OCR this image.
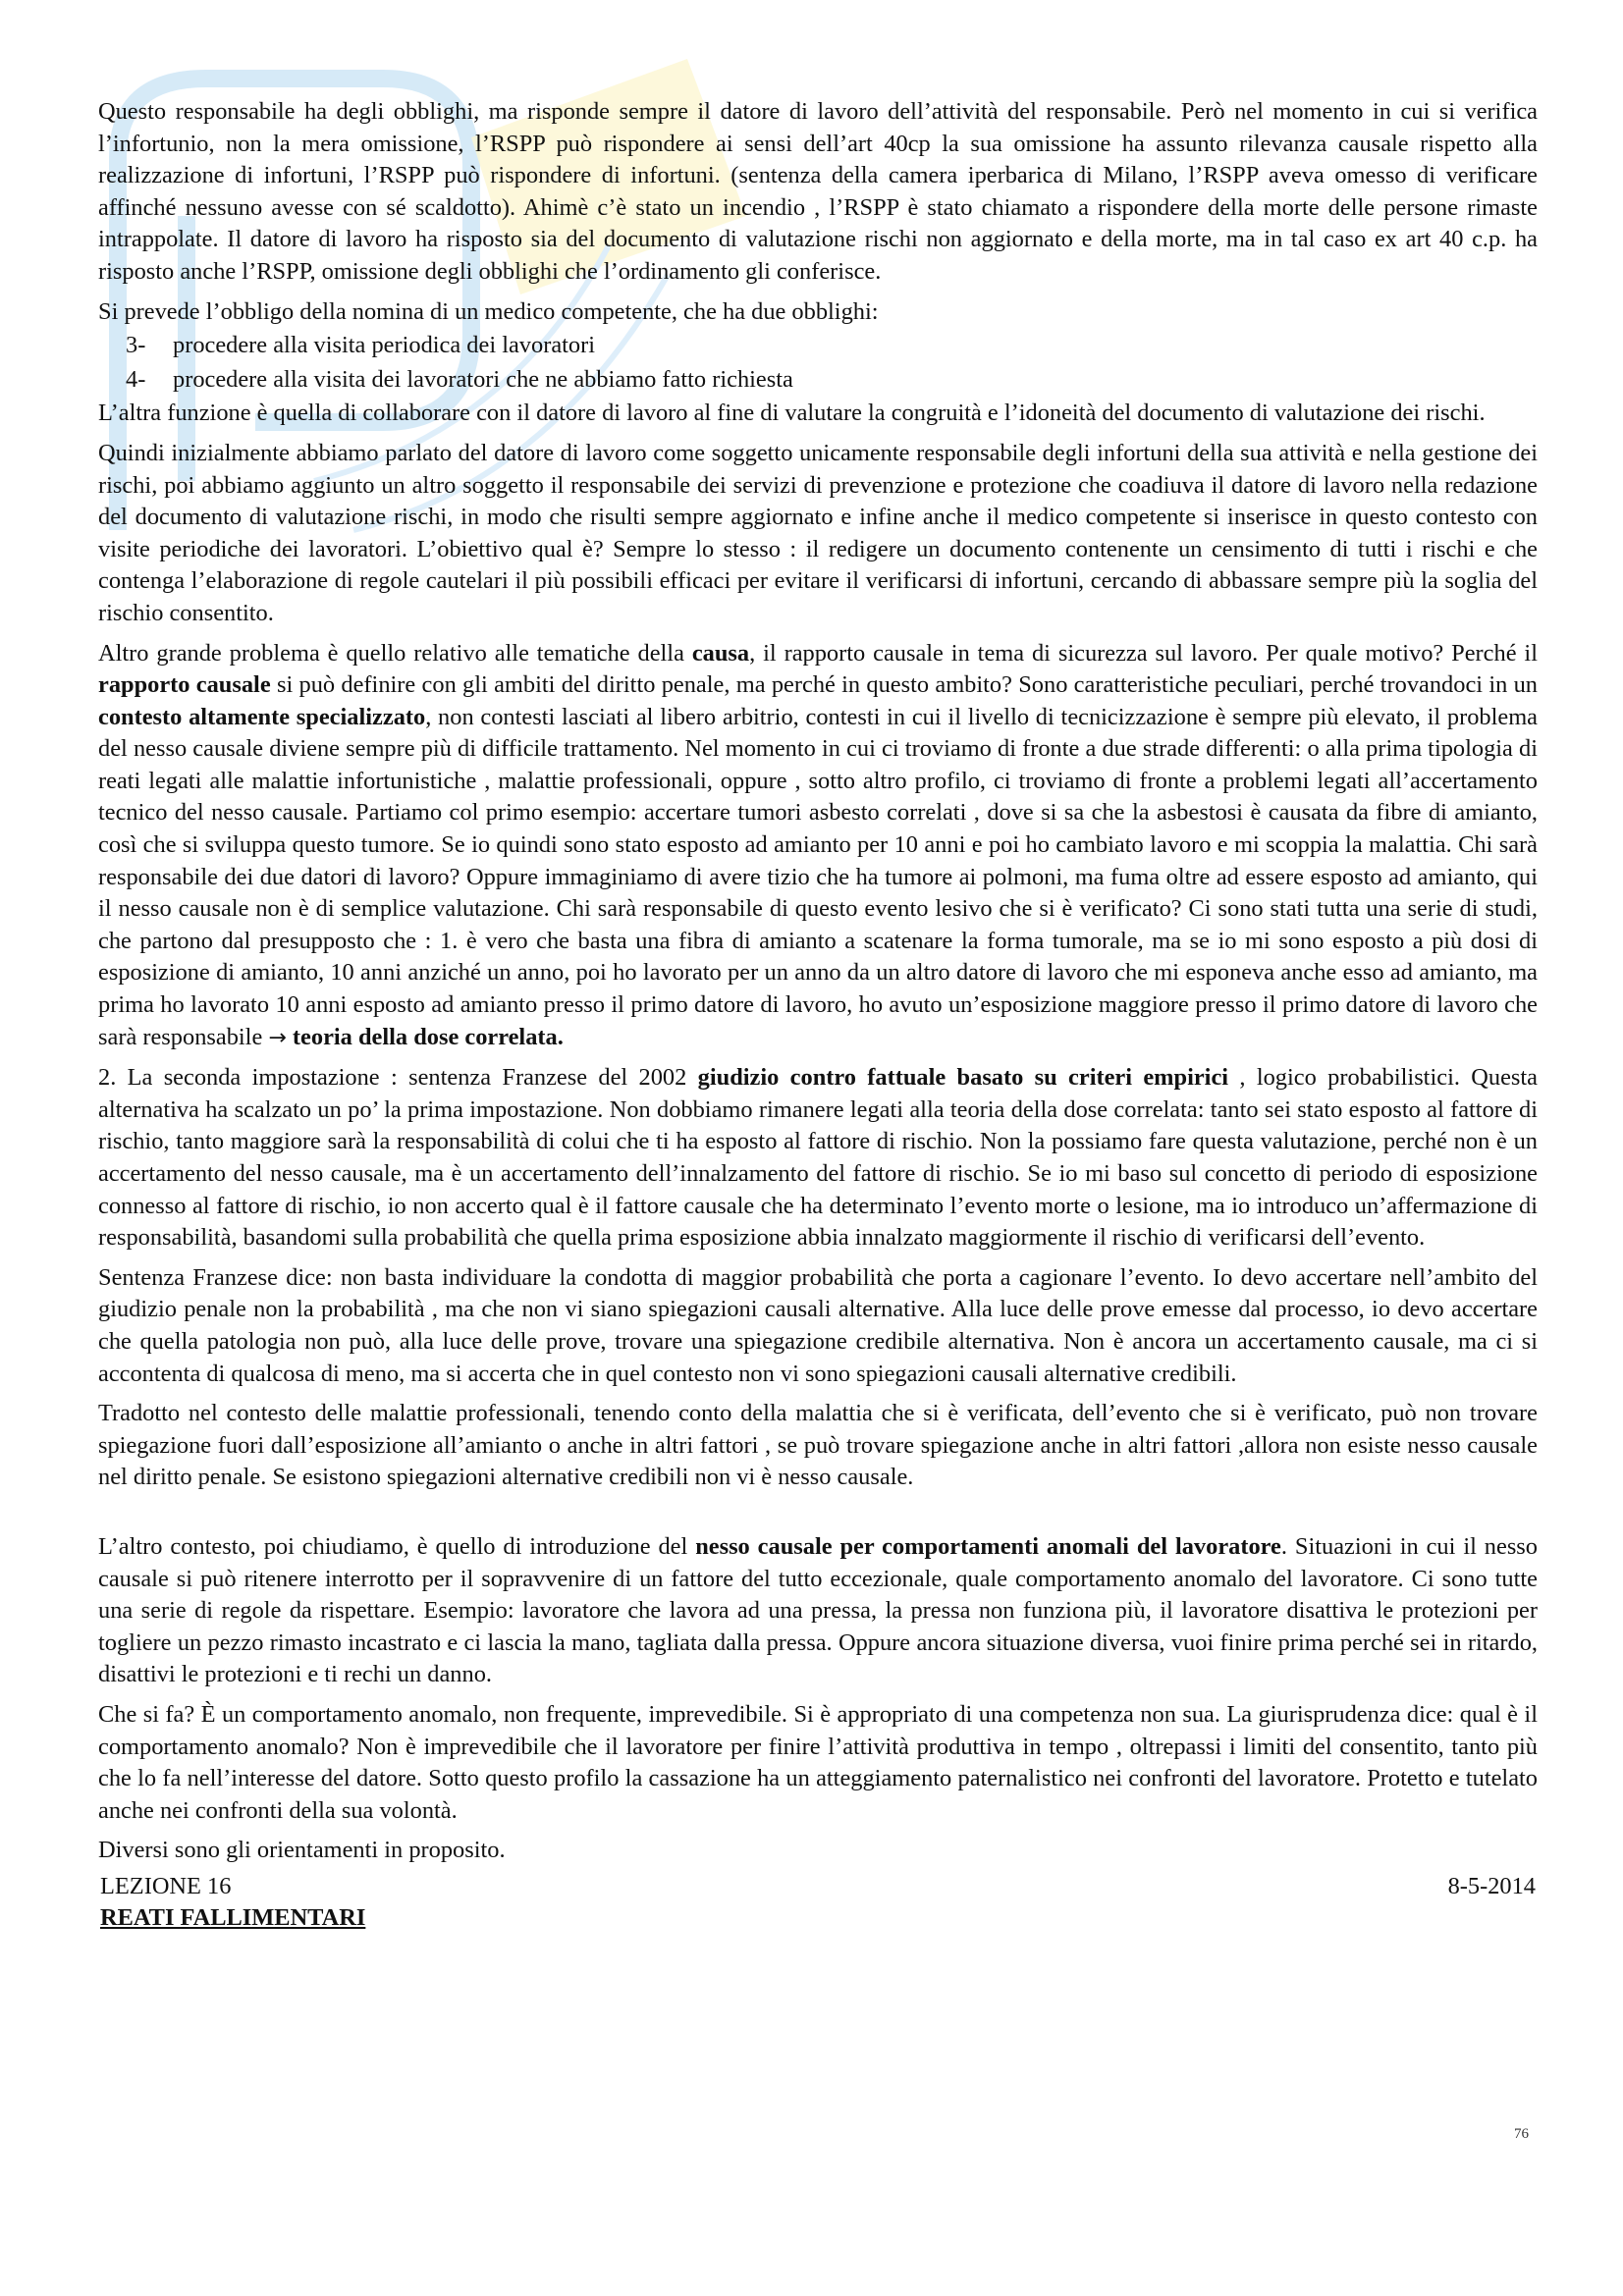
Questo responsabile ha degli obblighi, ma risponde sempre il datore di lavoro dell’attività del responsabile. Però nel momento in cui si verifica l’infortunio, non la mera omissione, l’RSPP può rispondere ai sensi dell’art 40cp la sua omissione ha assunto rilevanza causale rispetto alla realizzazione di infortuni, l’RSPP può rispondere di infortuni. (sentenza della camera iperbarica di Milano, l’RSPP aveva omesso di verificare affinché nessuno avesse con sé scaldotto). Ahimè c’è stato un incendio , l’RSPP è stato chiamato a rispondere della morte delle persone rimaste intrappolate. Il datore di lavoro ha risposto sia del documento di valutazione rischi non aggiornato e della morte, ma in tal caso ex art 40 c.p. ha risposto anche l’RSPP, omissione degli obblighi che l’ordinamento gli conferisce.

Si prevede l’obbligo della nomina di un medico competente, che ha due obblighi:

3-	procedere alla visita periodica dei lavoratori
4-	procedere alla visita dei lavoratori che ne abbiamo fatto richiesta

L’altra funzione è quella di collaborare con il datore di lavoro al fine di valutare la congruità e l’idoneità del documento di valutazione dei rischi.

Quindi inizialmente abbiamo parlato del datore di lavoro come soggetto unicamente responsabile degli infortuni della sua attività e nella gestione dei rischi, poi abbiamo aggiunto un altro soggetto il responsabile dei servizi di prevenzione e protezione che coadiuva il datore di lavoro nella redazione del documento di valutazione rischi, in modo che risulti sempre aggiornato e infine anche il medico competente si inserisce in questo contesto con visite periodiche dei lavoratori. L’obiettivo qual è? Sempre lo stesso : il redigere un documento contenente un censimento di tutti i rischi e che contenga l’elaborazione di regole cautelari il più possibili efficaci per evitare il verificarsi di infortuni, cercando di abbassare sempre più la soglia del rischio consentito.

Altro grande problema è quello relativo alle tematiche della causa, il rapporto causale in tema di sicurezza sul lavoro. Per quale motivo? Perché il rapporto causale si può definire con gli ambiti del diritto penale, ma perché in questo ambito? Sono caratteristiche peculiari, perché trovandoci in un contesto altamente specializzato, non contesti lasciati al libero arbitrio, contesti in cui il livello di tecnicizzazione è sempre più elevato, il problema del nesso causale diviene sempre più di difficile trattamento. Nel momento in cui ci troviamo di fronte a due strade differenti: o alla prima tipologia di reati legati alle malattie infortunistiche , malattie professionali, oppure , sotto altro profilo, ci troviamo di fronte a problemi legati all’accertamento tecnico del nesso causale. Partiamo col primo esempio: accertare tumori asbesto correlati , dove si sa che la asbestosi è causata da fibre di amianto, così che si sviluppa questo tumore. Se io quindi sono stato esposto ad amianto per 10 anni e poi ho cambiato lavoro e mi scoppia la malattia. Chi sarà responsabile dei due datori di lavoro? Oppure immaginiamo di avere tizio che ha tumore ai polmoni, ma fuma oltre ad essere esposto ad amianto, qui il nesso causale non è di semplice valutazione. Chi sarà responsabile di questo evento lesivo che si è verificato? Ci sono stati tutta una serie di studi, che partono dal presupposto che : 1. è vero che basta una fibra di amianto a scatenare la forma tumorale, ma se io mi sono esposto a più dosi di esposizione di amianto, 10 anni anziché un anno, poi ho lavorato per un anno da un altro datore di lavoro che mi esponeva anche esso ad amianto, ma prima ho lavorato 10 anni esposto ad amianto presso il primo datore di lavoro, ho avuto un’esposizione maggiore presso il primo datore di lavoro che sarà responsabile → teoria della dose correlata.

2. La seconda impostazione : sentenza Franzese del 2002 giudizio contro fattuale basato su criteri empirici , logico probabilistici. Questa alternativa ha scalzato un po’ la prima impostazione. Non dobbiamo rimanere legati alla teoria della dose correlata: tanto sei stato esposto al fattore di rischio, tanto maggiore sarà la responsabilità di colui che ti ha esposto al fattore di rischio. Non la possiamo fare questa valutazione, perché non è un accertamento del nesso causale, ma è un accertamento dell’innalzamento del fattore di rischio. Se io mi baso sul concetto di periodo di esposizione connesso al fattore di rischio, io non accerto qual è il fattore causale che ha determinato l’evento morte o lesione, ma io introduco un’affermazione di responsabilità, basandomi sulla probabilità che quella prima esposizione abbia innalzato maggiormente il rischio di verificarsi dell’evento.

Sentenza Franzese dice: non basta individuare la condotta di maggior probabilità che porta a cagionare l’evento. Io devo accertare nell’ambito del giudizio penale non la probabilità , ma che non vi siano spiegazioni causali alternative. Alla luce delle prove emesse dal processo, io devo accertare che quella patologia non può, alla luce delle prove, trovare una spiegazione credibile alternativa. Non è ancora un accertamento causale, ma ci si accontenta di qualcosa di meno, ma si accerta che in quel contesto non vi sono spiegazioni causali alternative credibili.

Tradotto nel contesto delle malattie professionali, tenendo conto della malattia che si è verificata, dell’evento che si è verificato, può non trovare spiegazione fuori dall’esposizione all’amianto o anche in altri fattori , se può trovare spiegazione anche in altri fattori ,allora non esiste nesso causale nel diritto penale. Se esistono spiegazioni alternative credibili non vi è nesso causale.

L’altro contesto, poi chiudiamo, è quello di introduzione del nesso causale per comportamenti anomali del lavoratore. Situazioni in cui il nesso causale si può ritenere interrotto per il sopravvenire di un fattore del tutto eccezionale, quale comportamento anomalo del lavoratore. Ci sono tutte una serie di regole da rispettare. Esempio: lavoratore che lavora ad una pressa, la pressa non funziona più, il lavoratore disattiva le protezioni per togliere un pezzo rimasto incastrato e ci lascia la mano, tagliata dalla pressa. Oppure ancora situazione diversa, vuoi finire prima perché sei in ritardo, disattivi le protezioni e ti rechi un danno.

Che si fa? È un comportamento anomalo, non frequente, imprevedibile. Si è appropriato di una competenza non sua. La giurisprudenza dice: qual è il comportamento anomalo? Non è imprevedibile che il lavoratore per finire l’attività produttiva in tempo , oltrepassi i limiti del consentito, tanto più che lo fa nell’interesse del datore. Sotto questo profilo la cassazione ha un atteggiamento paternalistico nei confronti del lavoratore. Protetto e tutelato anche nei confronti della sua volontà.

Diversi sono gli orientamenti in proposito.

LEZIONE 16	8-5-2014
REATI FALLIMENTARI
76
